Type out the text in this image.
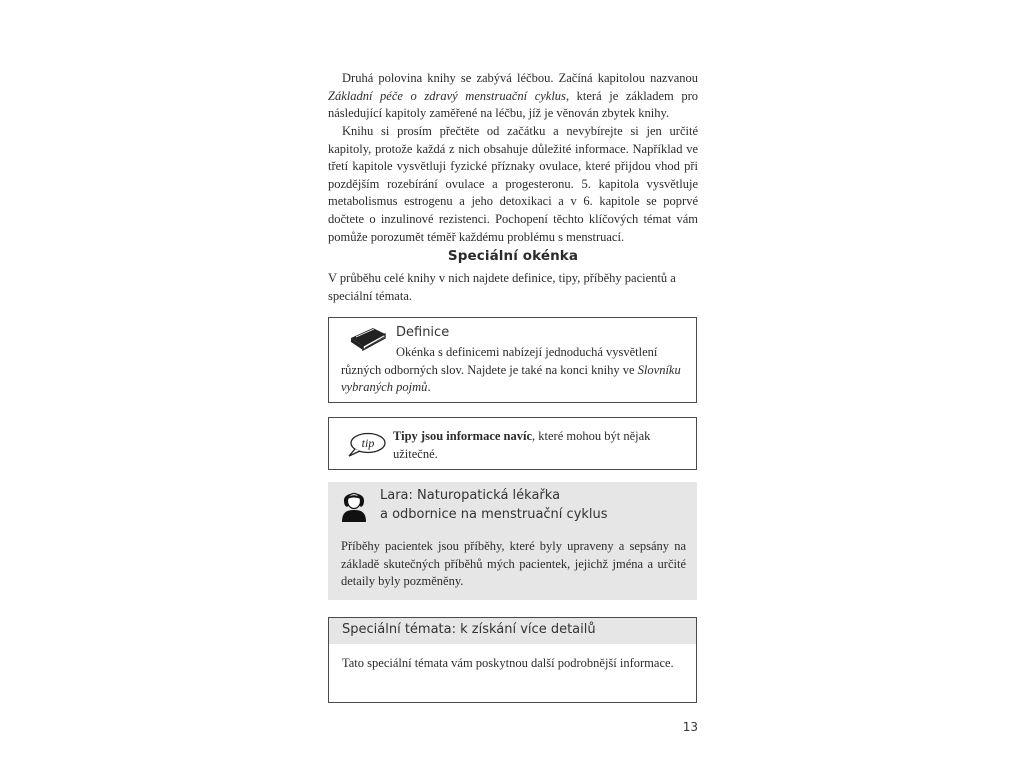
Druhá polovina knihy se zabývá léčbou. Začíná kapitolou nazvanou Základní péče o zdravý menstruační cyklus, která je základem pro následující kapitoly zaměřené na léčbu, jíž je věnován zbytek knihy.

Knihu si prosím přečtěte od začátku a nevybírejte si jen určité kapitoly, protože každá z nich obsahuje důležité informace. Například ve třetí kapitole vysvětluji fyzické příznaky ovulace, které přijdou vhod při pozdějším rozebírání ovulace a progesteronu. 5. kapitola vysvětluje metabolismus estrogenu a jeho detoxikaci a v 6. kapitole se poprvé dočtete o inzulinové rezistenci. Pochopení těchto klíčových témat vám pomůže porozumět téměř každému problému s menstruací.

Speciální okénka

V průběhu celé knihy v nich najdete definice, tipy, příběhy pacientů a speciální témata.

Definice

Okénka s definicemi nabízejí jednoduchá vysvětlení různých odborných slov. Najdete je také na konci knihy ve Slovníku vybraných pojmů.

tip Tipy jsou informace navíc, které mohou být nějak užitečné.

Lara: Naturopatická lékařka
a odbornice na menstruační cyklus

Příběhy pacientek jsou příběhy, které byly upraveny a sepsány na základě skutečných příběhů mých pacientek, jejichž jména a určité detaily byly pozměněny.

Speciální témata: k získání více detailů

Tato speciální témata vám poskytnou další podrobnější informace.

13
